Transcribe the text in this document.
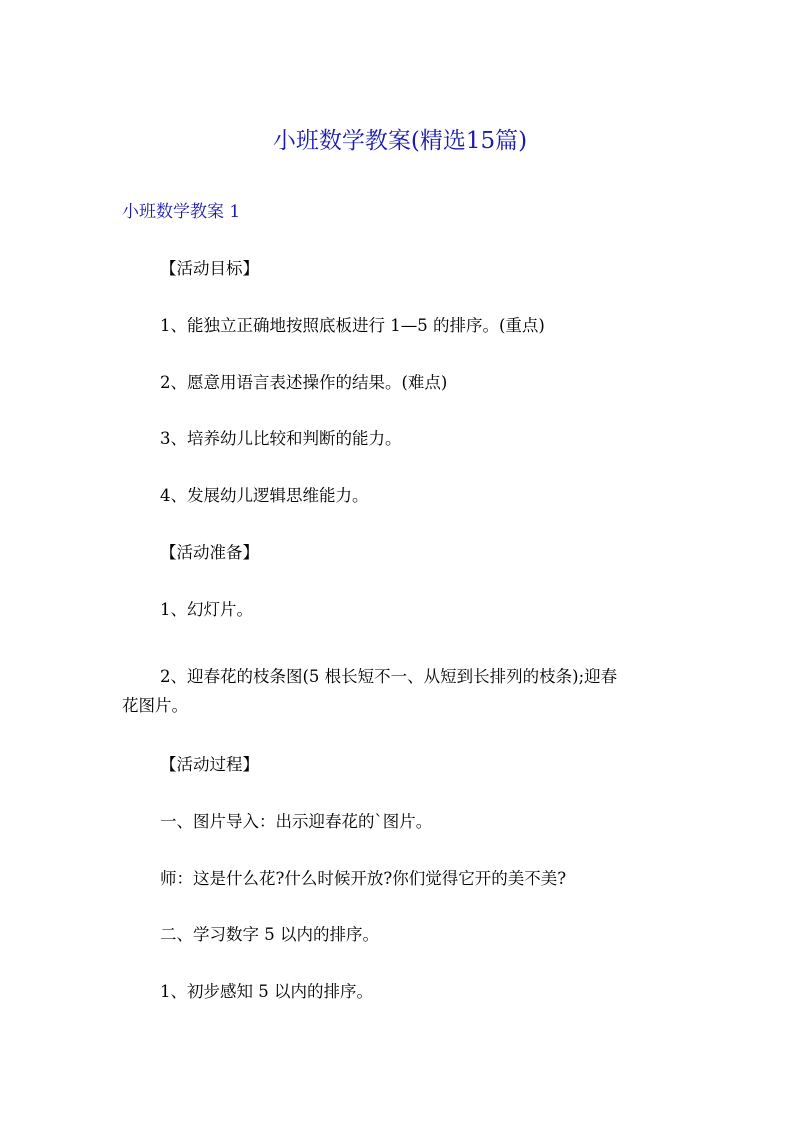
小班数学教案(精选15篇)
小班数学教案 1
【活动目标】
1、能独立正确地按照底板进行 1—5 的排序。(重点)
2、愿意用语言表述操作的结果。(难点)
3、培养幼儿比较和判断的能力。
4、发展幼儿逻辑思维能力。
【活动准备】
1、幻灯片。
2、迎春花的枝条图(5 根长短不一、从短到长排列的枝条);迎春
花图片。
【活动过程】
一、图片导入：出示迎春花的`图片。
师：这是什么花?什么时候开放?你们觉得它开的美不美?
二、学习数字 5 以内的排序。
1、初步感知 5 以内的排序。
